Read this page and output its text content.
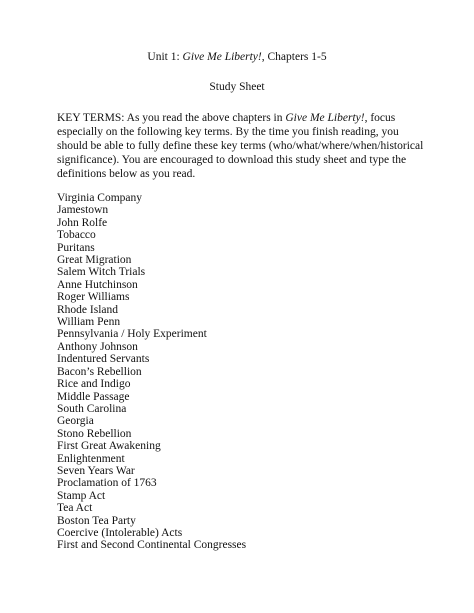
Unit 1: Give Me Liberty!, Chapters 1-5
Study Sheet

KEY TERMS: As you read the above chapters in Give Me Liberty!, focus especially on the following key terms. By the time you finish reading, you should be able to fully define these key terms (who/what/where/when/historical significance). You are encouraged to download this study sheet and type the definitions below as you read.

Virginia Company
Jamestown
John Rolfe
Tobacco
Puritans
Great Migration
Salem Witch Trials
Anne Hutchinson
Roger Williams
Rhode Island
William Penn
Pennsylvania / Holy Experiment
Anthony Johnson
Indentured Servants
Bacon’s Rebellion
Rice and Indigo
Middle Passage
South Carolina
Georgia
Stono Rebellion
First Great Awakening
Enlightenment
Seven Years War
Proclamation of 1763
Stamp Act
Tea Act
Boston Tea Party
Coercive (Intolerable) Acts
First and Second Continental Congresses
